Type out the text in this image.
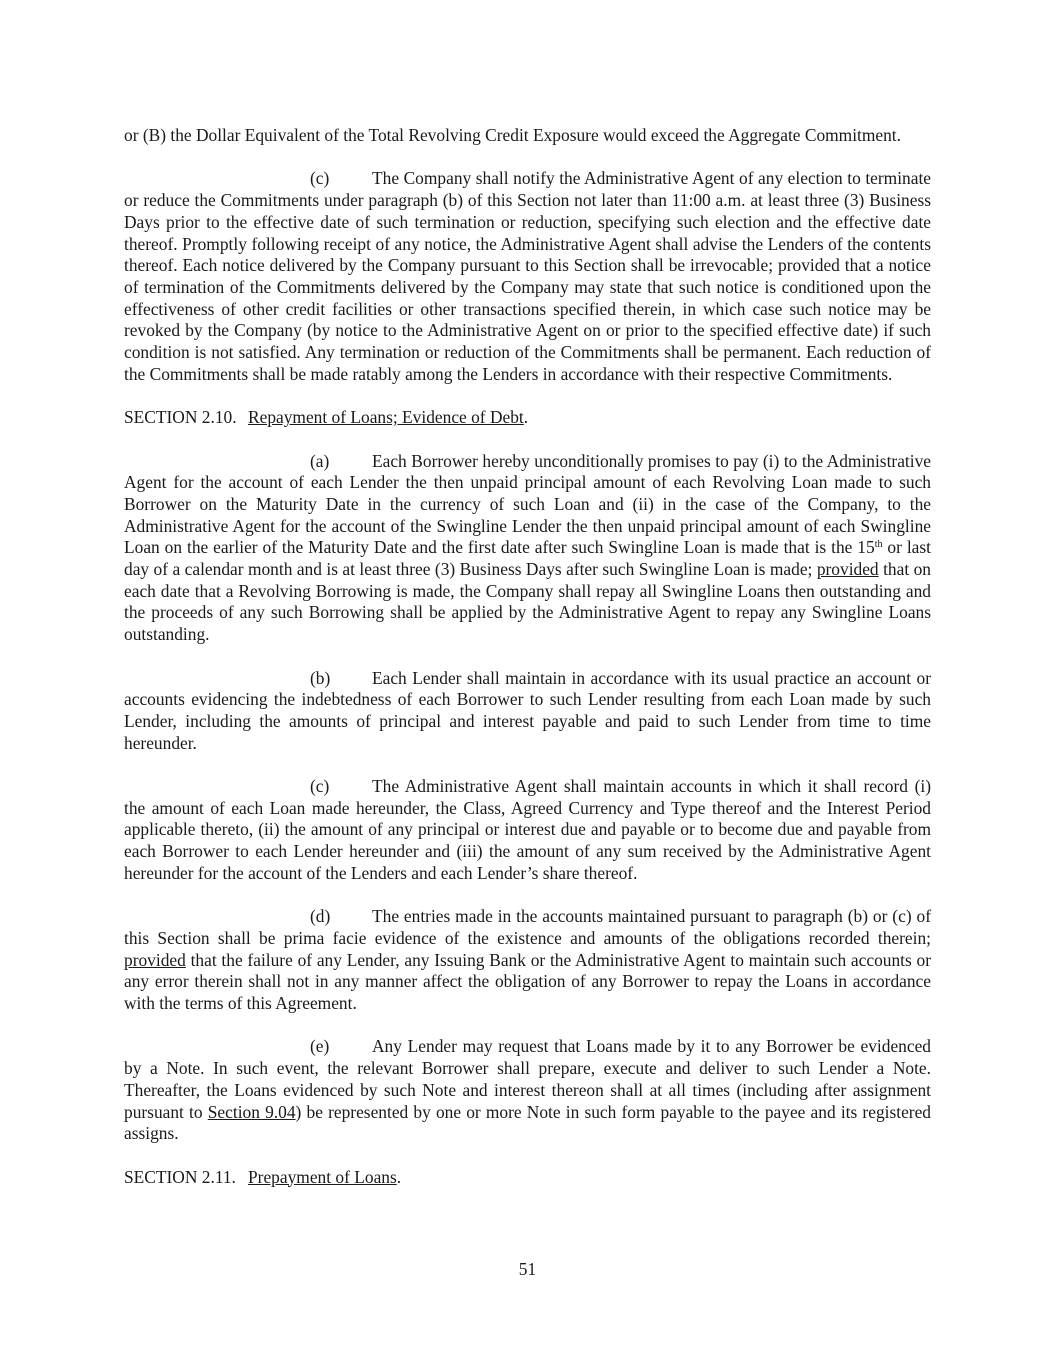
or (B) the Dollar Equivalent of the Total Revolving Credit Exposure would exceed the Aggregate Commitment.

(c) The Company shall notify the Administrative Agent of any election to terminate or reduce the Commitments under paragraph (b) of this Section not later than 11:00 a.m. at least three (3) Business Days prior to the effective date of such termination or reduction, specifying such election and the effective date thereof. Promptly following receipt of any notice, the Administrative Agent shall advise the Lenders of the contents thereof. Each notice delivered by the Company pursuant to this Section shall be irrevocable; provided that a notice of termination of the Commitments delivered by the Company may state that such notice is conditioned upon the effectiveness of other credit facilities or other transactions specified therein, in which case such notice may be revoked by the Company (by notice to the Administrative Agent on or prior to the specified effective date) if such condition is not satisfied. Any termination or reduction of the Commitments shall be permanent. Each reduction of the Commitments shall be made ratably among the Lenders in accordance with their respective Commitments.

SECTION 2.10. Repayment of Loans; Evidence of Debt.

(a) Each Borrower hereby unconditionally promises to pay (i) to the Administrative Agent for the account of each Lender the then unpaid principal amount of each Revolving Loan made to such Borrower on the Maturity Date in the currency of such Loan and (ii) in the case of the Company, to the Administrative Agent for the account of the Swingline Lender the then unpaid principal amount of each Swingline Loan on the earlier of the Maturity Date and the first date after such Swingline Loan is made that is the 15th or last day of a calendar month and is at least three (3) Business Days after such Swingline Loan is made; provided that on each date that a Revolving Borrowing is made, the Company shall repay all Swingline Loans then outstanding and the proceeds of any such Borrowing shall be applied by the Administrative Agent to repay any Swingline Loans outstanding.

(b) Each Lender shall maintain in accordance with its usual practice an account or accounts evidencing the indebtedness of each Borrower to such Lender resulting from each Loan made by such Lender, including the amounts of principal and interest payable and paid to such Lender from time to time hereunder.

(c) The Administrative Agent shall maintain accounts in which it shall record (i) the amount of each Loan made hereunder, the Class, Agreed Currency and Type thereof and the Interest Period applicable thereto, (ii) the amount of any principal or interest due and payable or to become due and payable from each Borrower to each Lender hereunder and (iii) the amount of any sum received by the Administrative Agent hereunder for the account of the Lenders and each Lender’s share thereof.

(d) The entries made in the accounts maintained pursuant to paragraph (b) or (c) of this Section shall be prima facie evidence of the existence and amounts of the obligations recorded therein; provided that the failure of any Lender, any Issuing Bank or the Administrative Agent to maintain such accounts or any error therein shall not in any manner affect the obligation of any Borrower to repay the Loans in accordance with the terms of this Agreement.

(e) Any Lender may request that Loans made by it to any Borrower be evidenced by a Note. In such event, the relevant Borrower shall prepare, execute and deliver to such Lender a Note. Thereafter, the Loans evidenced by such Note and interest thereon shall at all times (including after assignment pursuant to Section 9.04) be represented by one or more Note in such form payable to the payee and its registered assigns.

SECTION 2.11. Prepayment of Loans.

51
